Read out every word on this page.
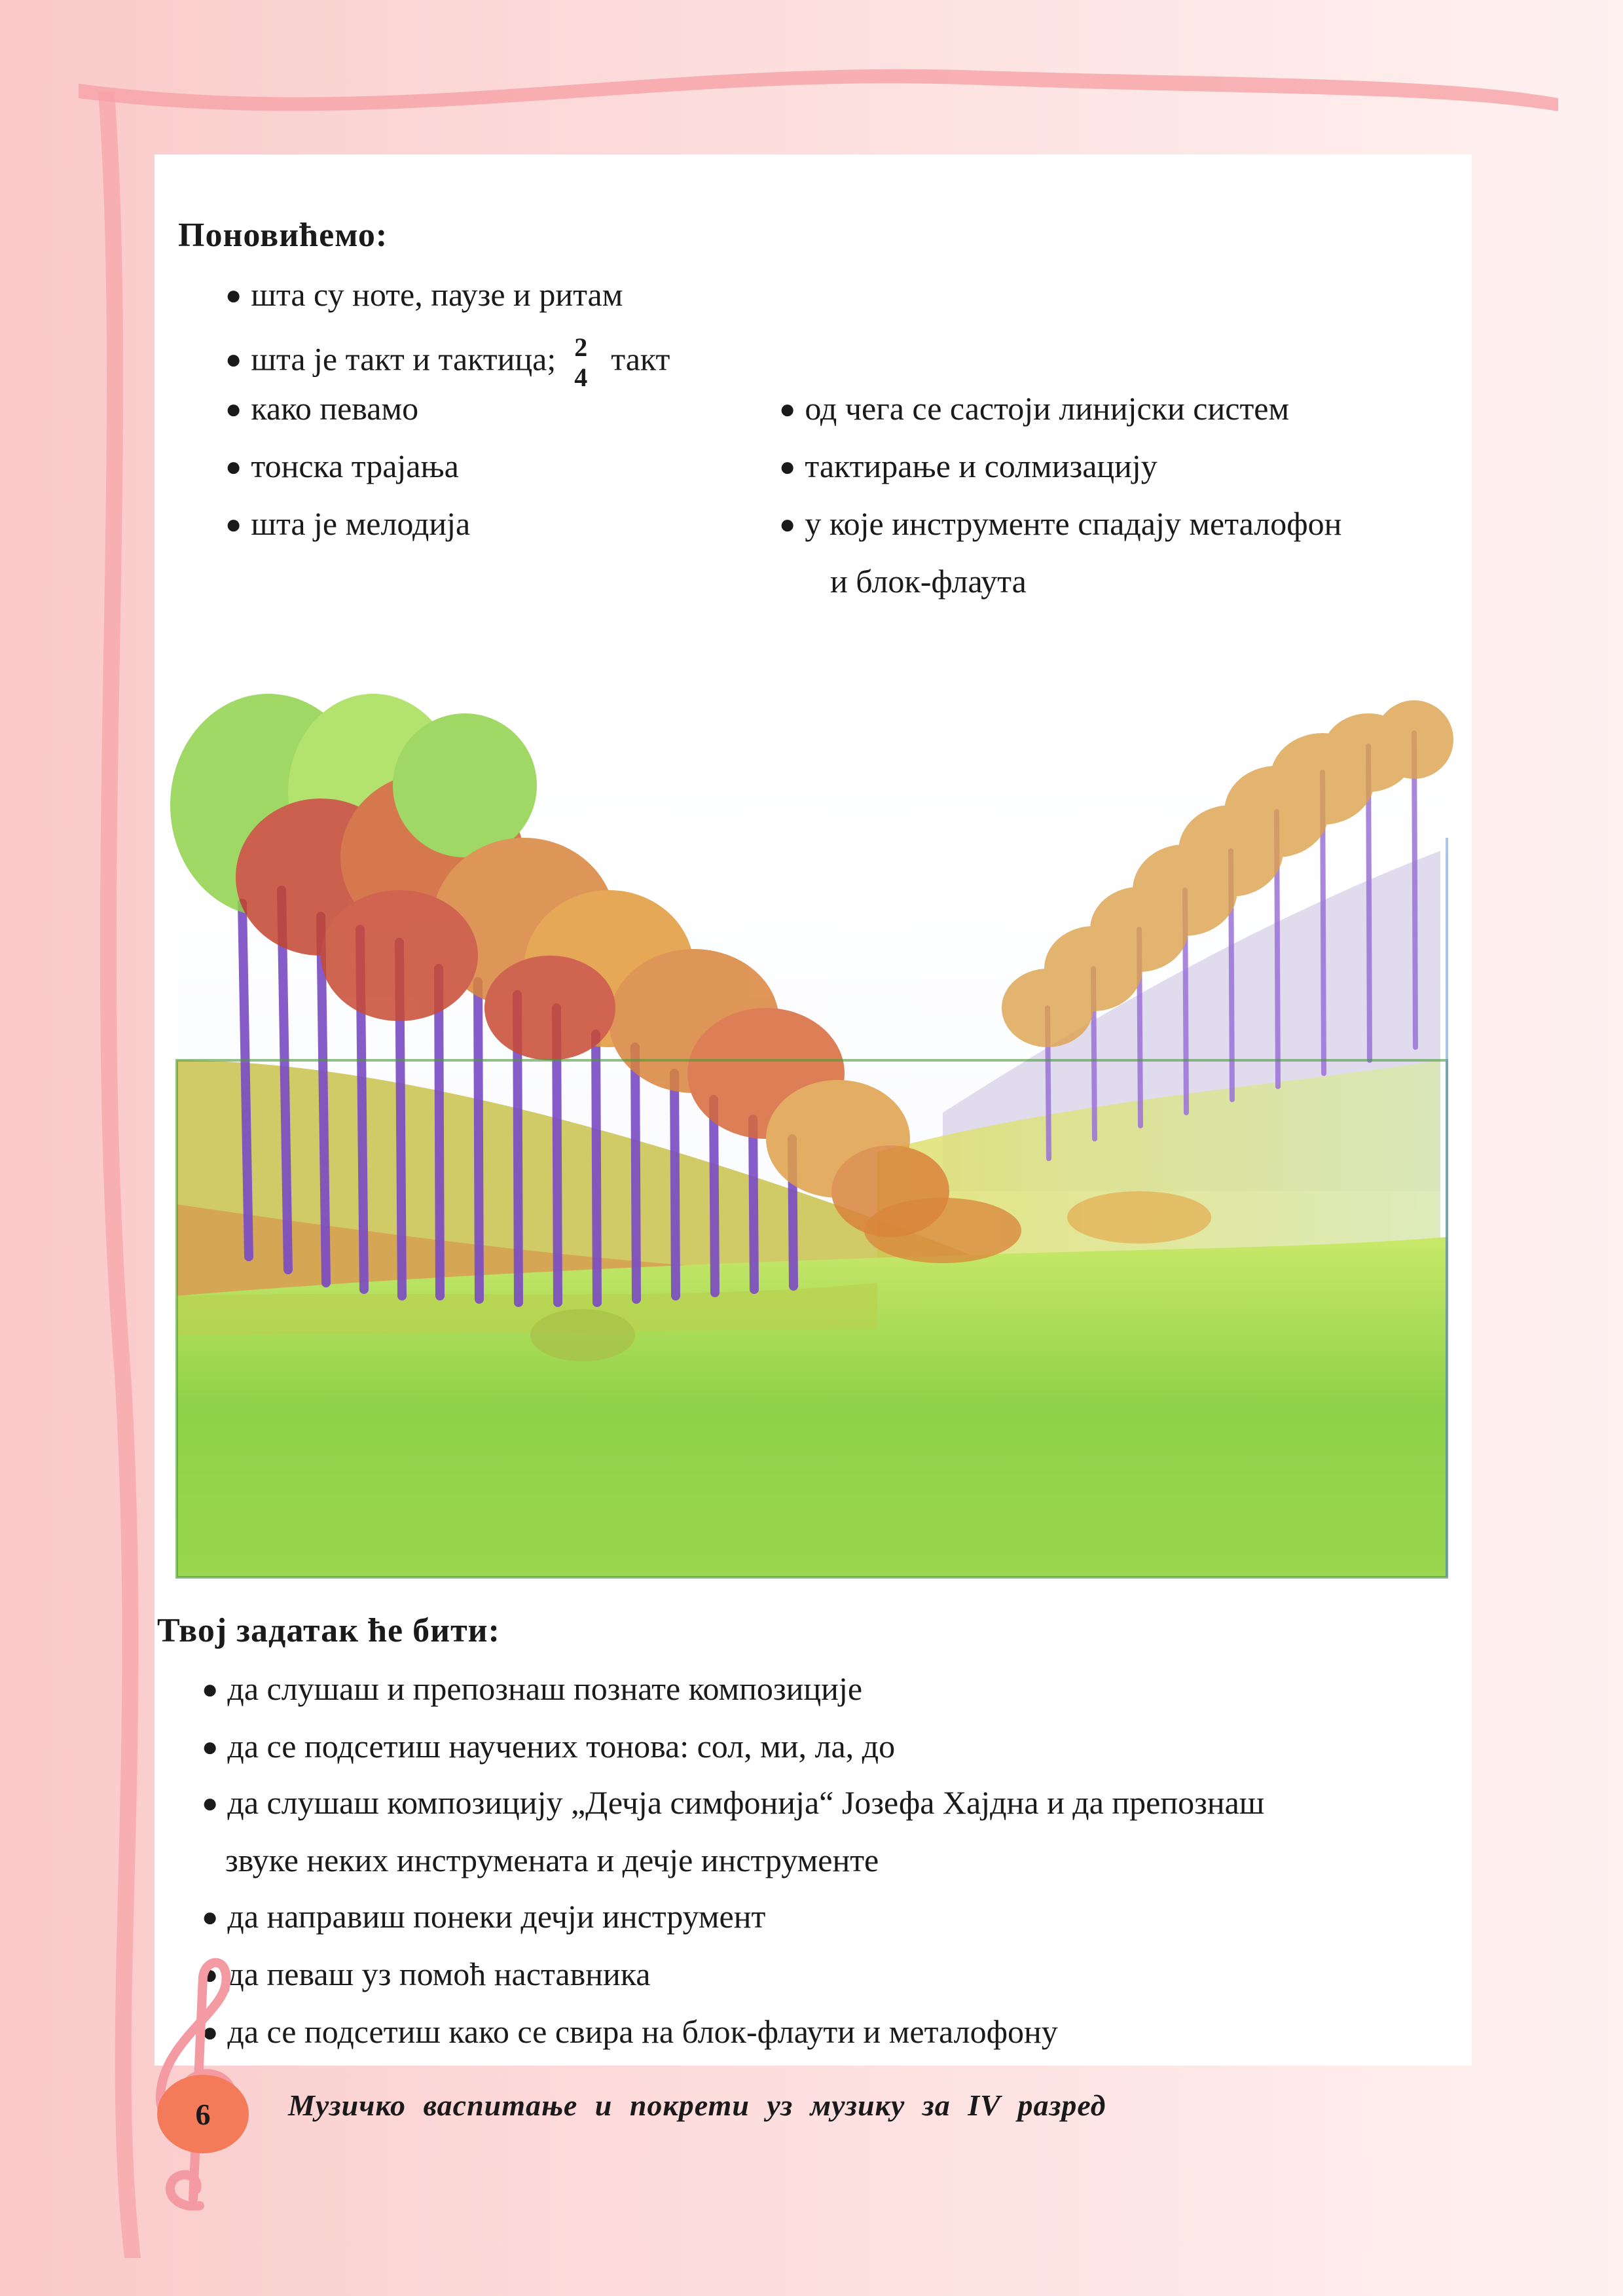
Поновићемо:
● шта су ноте, паузе и ритам
● шта је такт и тактица; 2
4
такт
● како певамо
● тонска трајања
● шта је мелодија
● од чега се састоји линијски систем
● тактирање и солмизацију
● у које инструменте спадају металофон
и блок-флаута
Твој задатак ће бити:
● да слушаш и препознаш познате композиције
● да се подсетиш научених тонова: сол, ми, ла, до
● да слушаш композицију „Дечја симфонија“ Јозефа Хајдна и да препознаш
звуке неких инструмената и дечје инструменте
● да направиш понеки дечји инструмент
● да певаш уз помоћ наставника
● да се подсетиш како се свира на блок-флаути и металофону
6	Музичко васпитање и покрети уз музику за IV разред
